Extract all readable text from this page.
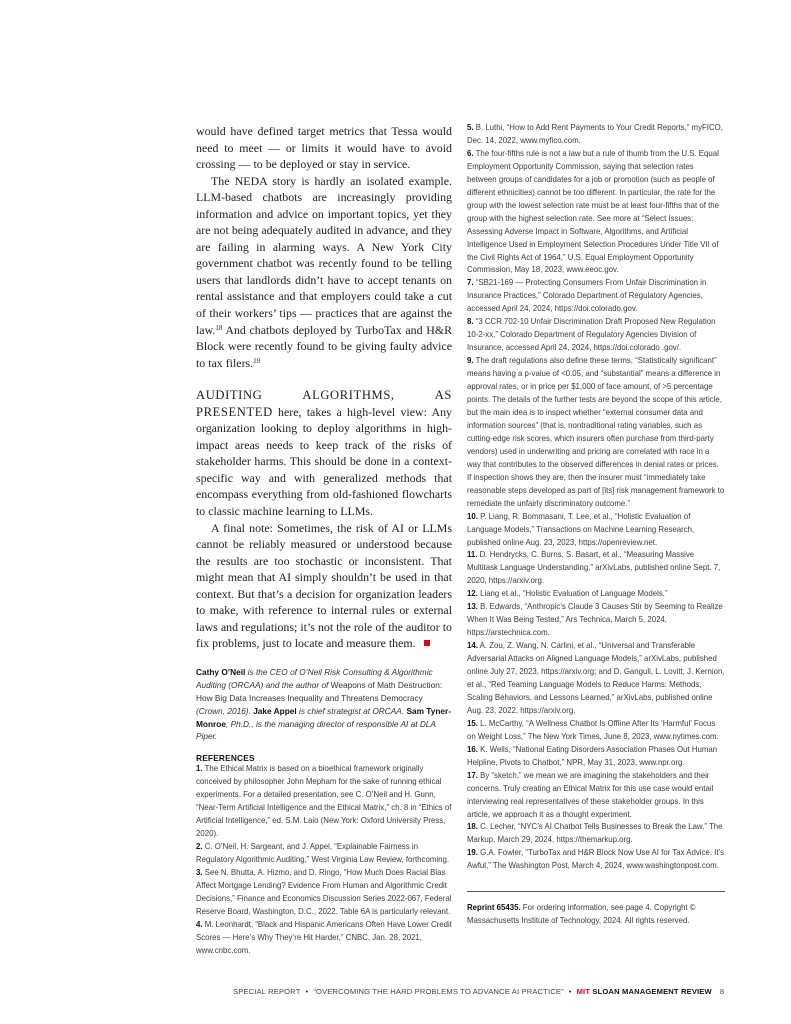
would have defined target metrics that Tessa would need to meet — or limits it would have to avoid crossing — to be deployed or stay in service.

The NEDA story is hardly an isolated example. LLM-based chatbots are increasingly providing information and advice on important topics, yet they are not being adequately audited in advance, and they are failing in alarming ways. A New York City government chatbot was recently found to be telling users that landlords didn’t have to accept tenants on rental assistance and that employers could take a cut of their workers’ tips — practices that are against the law.$^{18}$ And chatbots deployed by TurboTax and H&R Block were recently found to be giving faulty advice to tax filers.$^{19}$

AUDITING ALGORITHMS, AS PRESENTED here, takes a high-level view: Any organization looking to deploy algorithms in high-impact areas needs to keep track of the risks of stakeholder harms. This should be done in a context-specific way and with generalized methods that encompass everything from old-fashioned flowcharts to classic machine learning to LLMs.

A final note: Sometimes, the risk of AI or LLMs cannot be reliably measured or understood because the results are too stochastic or inconsistent. That might mean that AI simply shouldn’t be used in that context. But that’s a decision for organization leaders to make, with reference to internal rules or external laws and regulations; it’s not the role of the auditor to fix problems, just to locate and measure them.

Cathy O’Neil is the CEO of O’Neil Risk Consulting & Algorithmic Auditing (ORCAA) and the author of Weapons of Math Destruction: How Big Data Increases Inequality and Threatens Democracy (Crown, 2016). Jake Appel is chief strategist at ORCAA. Sam Tyner-Monroe, Ph.D., is the managing director of responsible AI at DLA Piper.
REFERENCES

1. The Ethical Matrix is based on a bioethical framework originally conceived by philosopher John Mepham for the sake of running ethical experiments. For a detailed presentation, see C. O’Neil and H. Gunn, “Near-Term Artificial Intelligence and the Ethical Matrix,” ch. 8 in “Ethics of Artificial Intelligence,” ed. S.M. Laio (New York: Oxford University Press, 2020).

2. C. O’Neil, H. Sargeant, and J. Appel, “Explainable Fairness in Regulatory Algorithmic Auditing,” West Virginia Law Review, forthcoming.

3. See N. Bhutta, A. Hizmo, and D. Ringo, “How Much Does Racial Bias Affect Mortgage Lending? Evidence From Human and Algorithmic Credit Decisions,” Finance and Economics Discussion Series 2022-067, Federal Reserve Board, Washington, D.C., 2022. Table 6A is particularly relevant.

4. M. Leonhardt, “Black and Hispanic Americans Often Have Lower Credit Scores — Here’s Why They’re Hit Harder,” CNBC, Jan. 28, 2021, www.cnbc.com.

5. B. Luthi, “How to Add Rent Payments to Your Credit Reports,” myFICO, Dec. 14, 2022, www.myfico.com.

6. The four-fifths rule is not a law but a rule of thumb from the U.S. Equal Employment Opportunity Commission, saying that selection rates between groups of candidates for a job or promotion (such as people of different ethnicities) cannot be too different. In particular, the rate for the group with the lowest selection rate must be at least four-fifths that of the group with the highest selection rate. See more at “Select Issues: Assessing Adverse Impact in Software, Algorithms, and Artificial Intelligence Used in Employment Selection Procedures Under Title VII of the Civil Rights Act of 1964,” U.S. Equal Employment Opportunity Commission, May 18, 2023, www.eeoc.gov.

7. “SB21-169 — Protecting Consumers From Unfair Discrimination in Insurance Practices,” Colorado Department of Regulatory Agencies, accessed April 24, 2024, https://doi.colorado.gov.

8. “3 CCR 702-10 Unfair Discrimination Draft Proposed New Regulation 10-2-xx,” Colorado Department of Regulatory Agencies Division of Insurance, accessed April 24, 2024, https://doi.colorado .gov/.

9. The draft regulations also define these terms. “Statistically significant” means having a p-value of <0.05, and “substantial” means a difference in approval rates, or in price per $1,000 of face amount, of >5 percentage points. The details of the further tests are beyond the scope of this article, but the main idea is to inspect whether “external consumer data and information sources” (that is, nontraditional rating variables, such as cutting-edge risk scores, which insurers often purchase from third-party vendors) used in underwriting and pricing are correlated with race in a way that contributes to the observed differences in denial rates or prices. If inspection shows they are, then the insurer must “immediately take reasonable steps developed as part of [its] risk management framework to remediate the unfairly discriminatory outcome.”

10. P. Liang, R. Bommasani, T. Lee, et al., “Holistic Evaluation of Language Models,” Transactions on Machine Learning Research, published online Aug. 23, 2023, https://openreview.net.

11. D. Hendrycks, C. Burns, S. Basart, et al., “Measuring Massive Multitask Language Understanding,” arXivLabs, published online Sept. 7, 2020, https://arxiv.org.

12. Liang et al., “Holistic Evaluation of Language Models.”

13. B. Edwards, “Anthropic’s Claude 3 Causes Stir by Seeming to Realize When It Was Being Tested,” Ars Technica, March 5, 2024, https://arstechnica.com.

14. A. Zou, Z. Wang, N. Carlini, et al., “Universal and Transferable Adversarial Attacks on Aligned Language Models,” arXivLabs, published online July 27, 2023, https://arxiv.org; and D. Ganguli, L. Lovitt, J. Kernion, et al., “Red Teaming Language Models to Reduce Harms: Methods, Scaling Behaviors, and Lessons Learned,” arXivLabs, published online Aug. 23, 2022, https://arxiv.org.

15. L. McCarthy, “A Wellness Chatbot Is Offline After Its ‘Harmful’ Focus on Weight Loss,” The New York Times, June 8, 2023, www.nytimes.com.

16. K. Wells, “National Eating Disorders Association Phases Out Human Helpline, Pivots to Chatbot,” NPR, May 31, 2023, www.npr.org.

17. By “sketch,” we mean we are imagining the stakeholders and their concerns. Truly creating an Ethical Matrix for this use case would entail interviewing real representatives of these stakeholder groups. In this article, we approach it as a thought experiment.

18. C. Lecher, “NYC’s AI Chatbot Tells Businesses to Break the Law,” The Markup, March 29, 2024, https://themarkup.org.

19. G.A. Fowler, “TurboTax and H&R Block Now Use AI for Tax Advice. It’s Awful,” The Washington Post, March 4, 2024, www.washingtonpost.com.

Reprint 65435. For ordering information, see page 4. Copyright © Massachusetts Institute of Technology, 2024. All rights reserved.
SPECIAL REPORT • “OVERCOMING THE HARD PROBLEMS TO ADVANCE AI PRACTICE” • MIT SLOAN MANAGEMENT REVIEW 8
